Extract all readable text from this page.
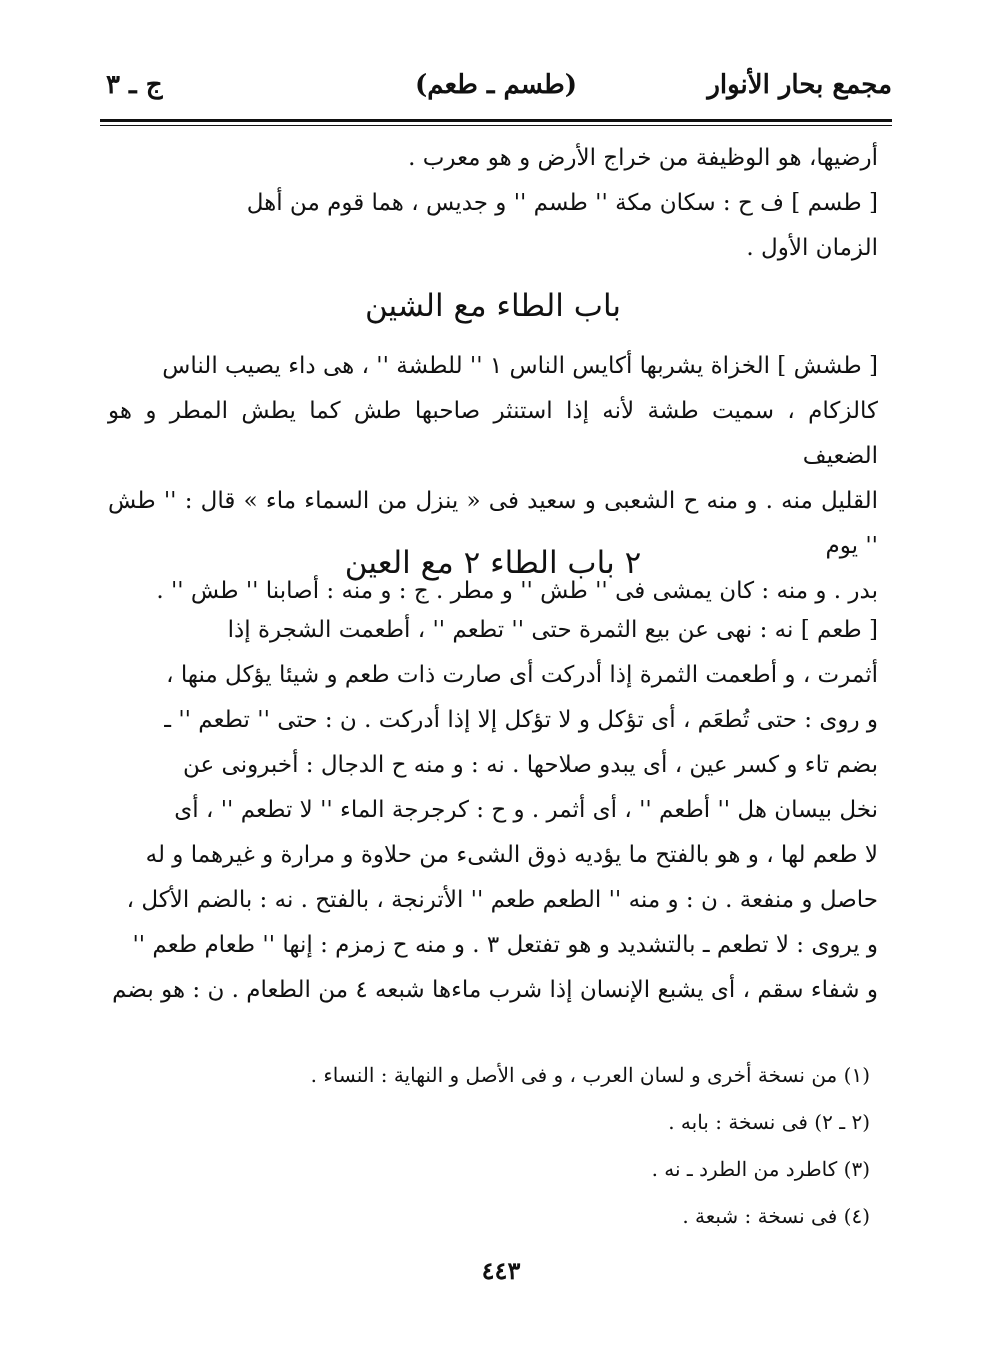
مجمع بحار الأنوار
(طسم ـ طعم)
ج ـ ٣

أرضيها، هو الوظيفة من خراج الأرض و هو معرب .

[ طسم ] ف ح : سكان مكة '' طسم '' و جديس ، هما قوم من أهل

الزمان الأول .

باب الطاء مع الشين

[ طشش ] الخزاة يشربها أكايس الناس ١ '' للطشة '' ، هى داء يصيب الناس

كالزكام ، سميت طشة لأنه إذا استنثر صاحبها طش كما يطش المطر و هو الضعيف

القليل منه . و منه ح الشعبى و سعيد فى « ينزل من السماء ماء » قال : '' طش '' يوم

بدر . و منه : كان يمشى فى '' طش '' و مطر . ج : و منه : أصابنا '' طش '' .

٢ باب الطاء ٢ مع العين

[ طعم ] نه : نهى عن بيع الثمرة حتى '' تطعم '' ، أطعمت الشجرة إذا

أثمرت ، و أطعمت الثمرة إذا أدركت أى صارت ذات طعم و شيئا يؤكل منها ،

و روى : حتى تُطعَم ، أى تؤكل و لا تؤكل إلا إذا أدركت . ن : حتى '' تطعم '' ـ

بضم تاء و كسر عين ، أى يبدو صلاحها . نه : و منه ح الدجال : أخبرونى عن

نخل بيسان هل '' أطعم '' ، أى أثمر . و ح : كرجرجة الماء '' لا تطعم '' ، أى

لا طعم لها ، و هو بالفتح ما يؤديه ذوق الشىء من حلاوة و مرارة و غيرهما و له

حاصل و منفعة . ن : و منه '' الطعم طعم '' الأترنجة ، بالفتح . نه : بالضم الأكل ،

و يروى : لا تطعم ـ بالتشديد و هو تفتعل ٣ . و منه ح زمزم : إنها '' طعام طعم ''

و شفاء سقم ، أى يشبع الإنسان إذا شرب ماءها شبعه ٤ من الطعام . ن : هو بضم

(١) من نسخة أخرى و لسان العرب ، و فى الأصل و النهاية : النساء .

(٢ ـ ٢) فى نسخة : بابه .

(٣) كاطرد من الطرد ـ نه .

(٤) فى نسخة : شبعة .

٤٤٣
